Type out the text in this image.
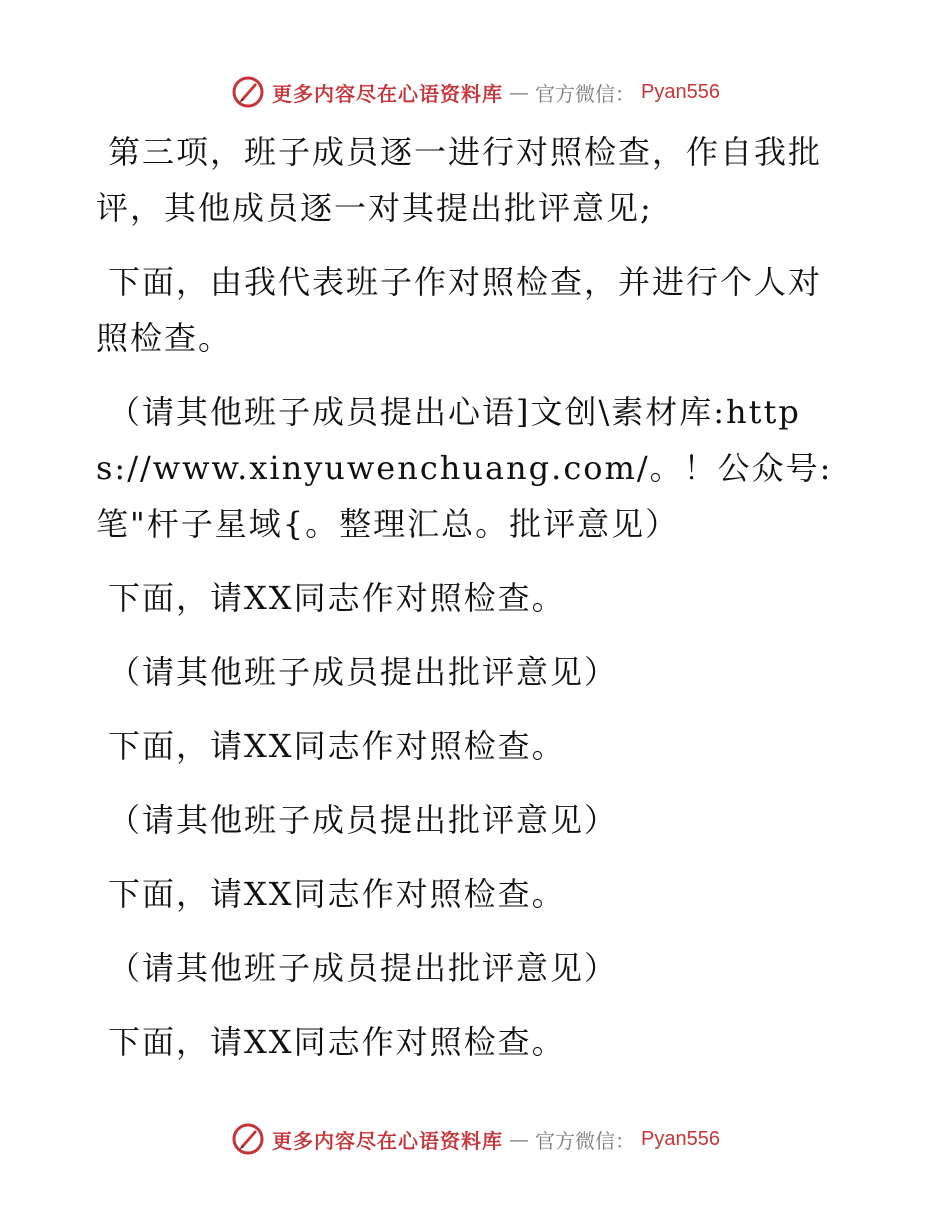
更多内容尽在心语资料库 — 官方微信： Pyan556

第三项，班子成员逐一进行对照检查，作自我批评，其他成员逐一对其提出批评意见;

下面，由我代表班子作对照检查，并进行个人对照检查。

（请其他班子成员提出心语]文创\素材库:https://www.xinyuwenchuang.com/。！公众号:笔"杆子星域{。整理汇总。批评意见）

下面，请XX同志作对照检查。

（请其他班子成员提出批评意见）

下面，请XX同志作对照检查。

（请其他班子成员提出批评意见）

下面，请XX同志作对照检查。

（请其他班子成员提出批评意见）

下面，请XX同志作对照检查。

更多内容尽在心语资料库 — 官方微信： Pyan556
